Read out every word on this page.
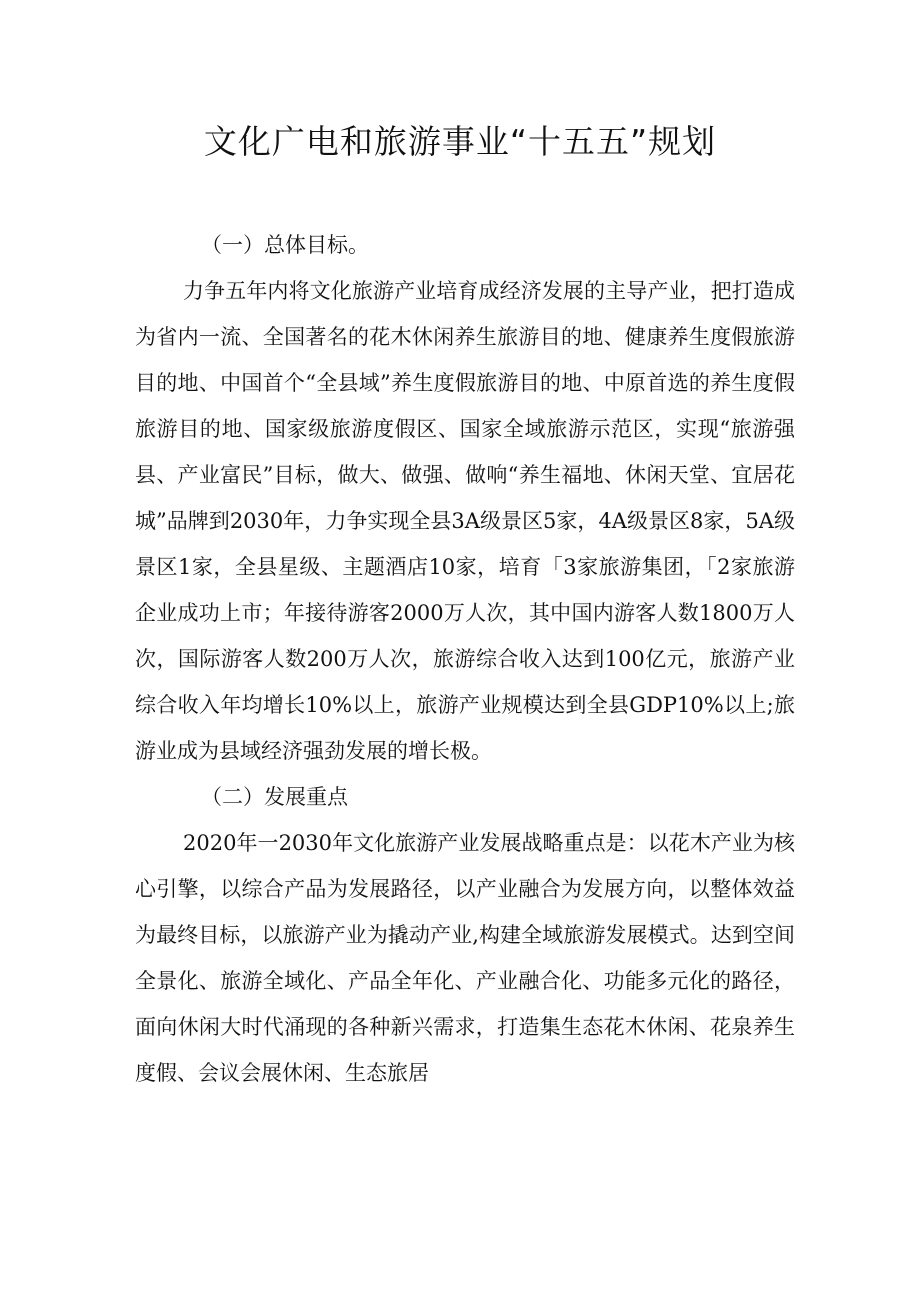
文化广电和旅游事业“十五五”规划
（一）总体目标。

力争五年内将文化旅游产业培育成经济发展的主导产业，把打造成为省内一流、全国著名的花木休闲养生旅游目的地、健康养生度假旅游目的地、中国首个“全县域”养生度假旅游目的地、中原首选的养生度假旅游目的地、国家级旅游度假区、国家全域旅游示范区，实现“旅游强县、产业富民”目标，做大、做强、做响“养生福地、休闲天堂、宜居花城”品牌到2030年，力争实现全县3A级景区5家，4A级景区8家，5A级景区1家，全县星级、主题酒店10家，培育「3家旅游集团，「2家旅游企业成功上市；年接待游客2000万人次，其中国内游客人数1800万人次，国际游客人数200万人次，旅游综合收入达到100亿元，旅游产业综合收入年均增长10%以上，旅游产业规模达到全县GDP10%以上;旅游业成为县域经济强劲发展的增长极。

（二）发展重点

2020年一2030年文化旅游产业发展战略重点是：以花木产业为核心引擎，以综合产品为发展路径，以产业融合为发展方向，以整体效益为最终目标，以旅游产业为撬动产业,构建全域旅游发展模式。达到空间全景化、旅游全域化、产品全年化、产业融合化、功能多元化的路径，面向休闲大时代涌现的各种新兴需求，打造集生态花木休闲、花泉养生度假、会议会展休闲、生态旅居
